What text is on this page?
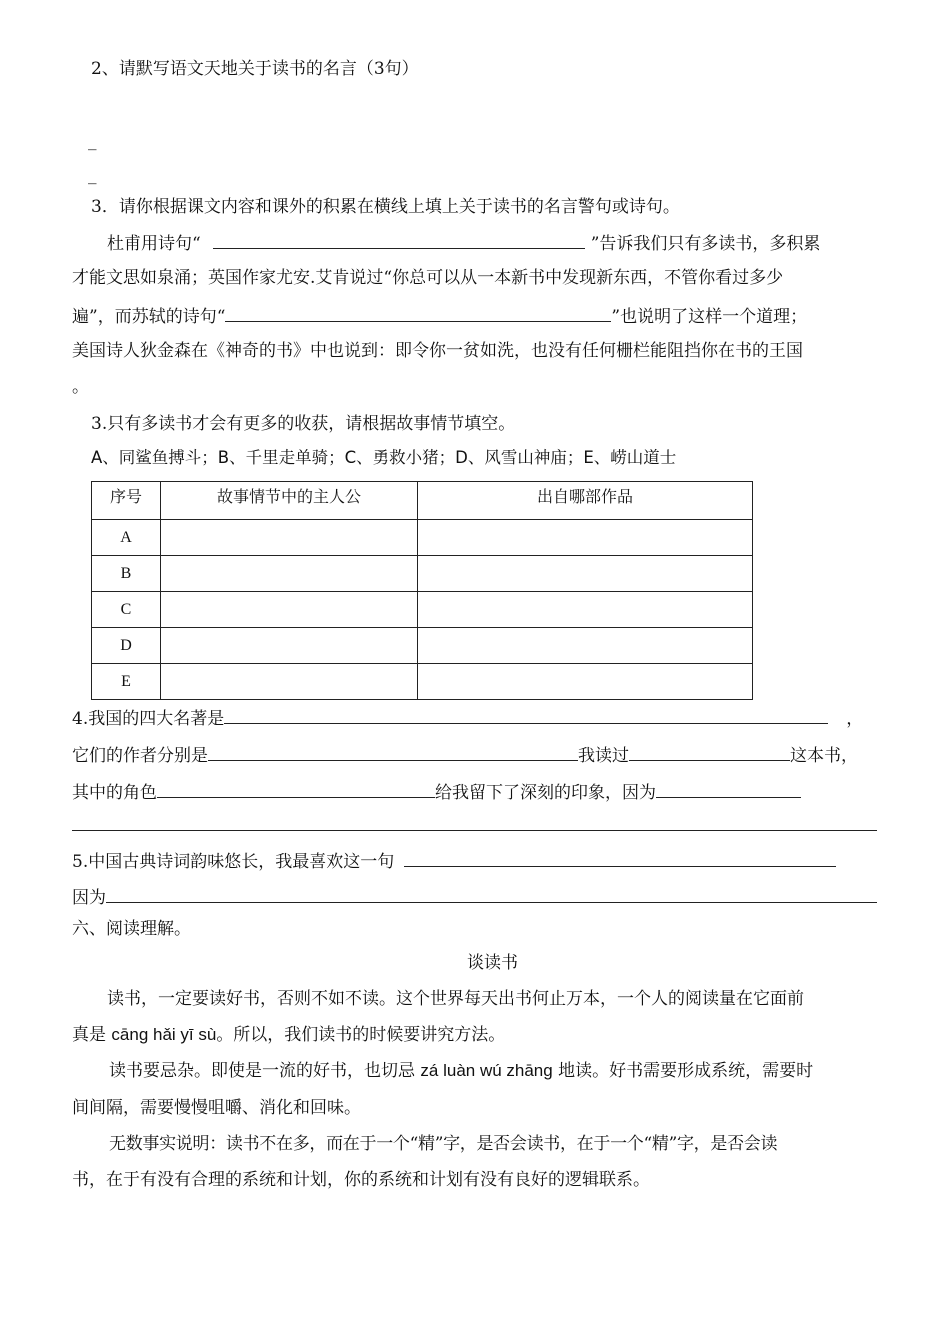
2、请默写语文天地关于读书的名言（3句）
_
_
3．请你根据课文内容和课外的积累在横线上填上关于读书的名言警句或诗句。
杜甫用诗句“	”告诉我们只有多读书，多积累
才能文思如泉涌；英国作家尤安.艾肯说过“你总可以从一本新书中发现新东西，不管你看过多少
遍”，而苏轼的诗句“	”也说明了这样一个道理；
美国诗人狄金森在《神奇的书》中也说到：即令你一贫如洗，也没有任何栅栏能阻挡你在书的王国
。
3.只有多读书才会有更多的收获，请根据故事情节填空。
A、同鲨鱼搏斗；B、千里走单骑；C、勇救小猪；D、风雪山神庙；E、崂山道士
序号	故事情节中的主人公	出自哪部作品
A		
B		
C		
D		
E		
4.我国的四大名著是	，
它们的作者分别是	我读过	这本书，
其中的角色	给我留下了深刻的印象，因为
5.中国古典诗词韵味悠长，我最喜欢这一句
因为
六、阅读理解。
谈读书
读书，一定要读好书，否则不如不读。这个世界每天出书何止万本，一个人的阅读量在它面前
真是 cāng hǎi yī sù。所以，我们读书的时候要讲究方法。
读书要忌杂。即使是一流的好书，也切忌 zá luàn wú zhāng 地读。好书需要形成系统，需要时
间间隔，需要慢慢咀嚼、消化和回味。
无数事实说明：读书不在多，而在于一个“精”字，是否会读书，在于一个“精”字，是否会读
书，在于有没有合理的系统和计划，你的系统和计划有没有良好的逻辑联系。
